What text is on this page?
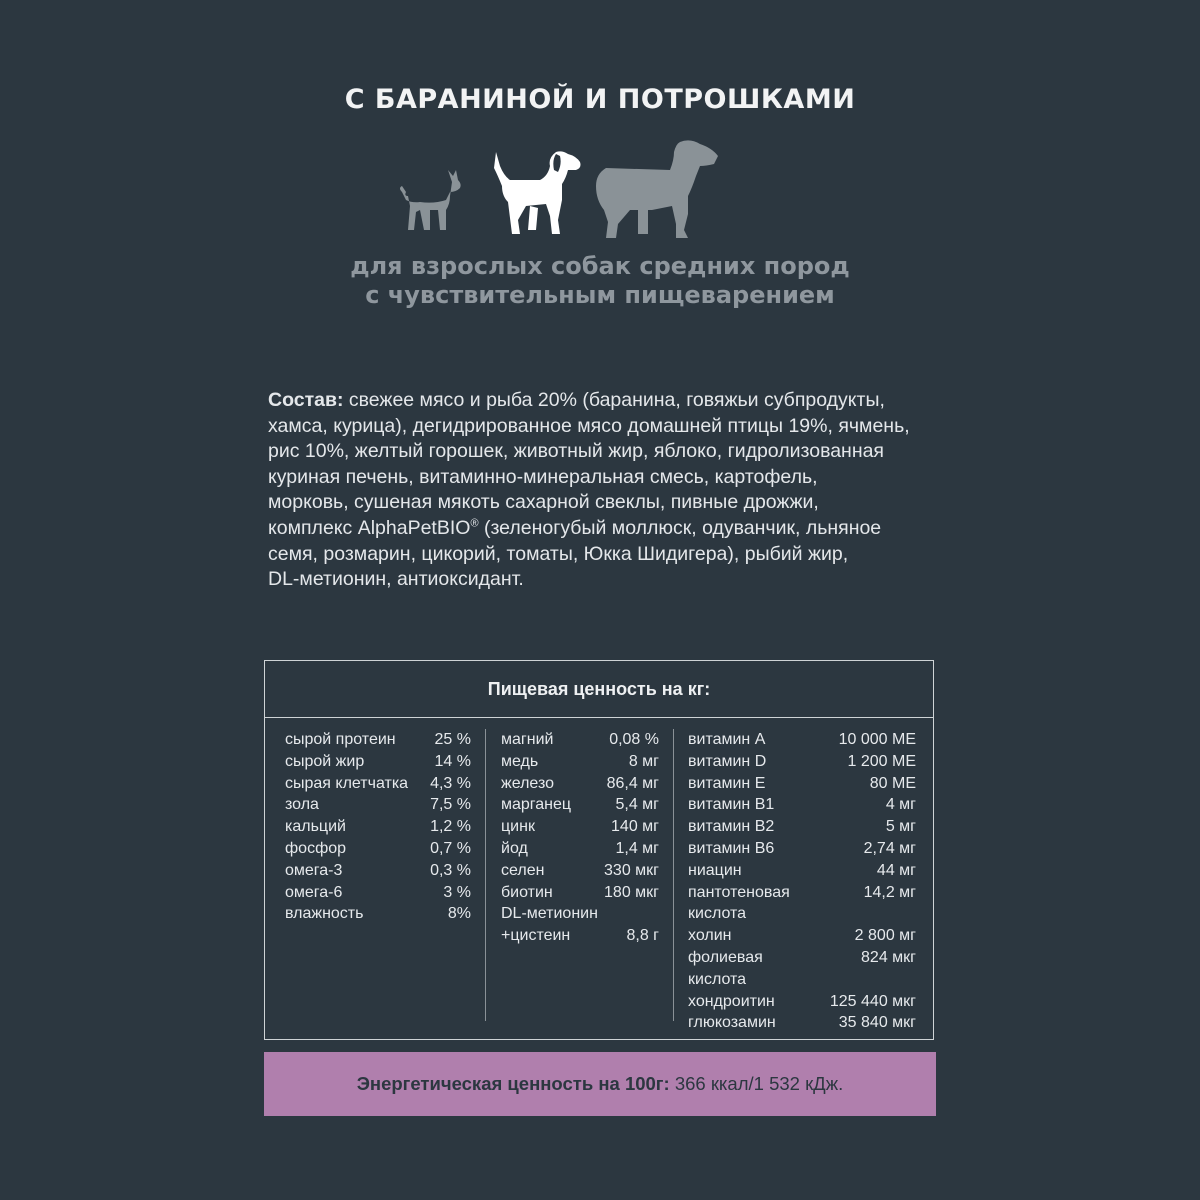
С БАРАНИНОЙ И ПОТРОШКАМИ
для взрослых собак средних пород
с чувствительным пищеварением
Состав: свежее мясо и рыба 20% (баранина, говяжьи субпродукты,
хамса, курица), дегидрированное мясо домашней птицы 19%, ячмень,
рис 10%, желтый горошек, животный жир, яблоко, гидролизованная
куриная печень, витаминно-минеральная смесь, картофель,
морковь, сушеная мякоть сахарной свеклы, пивные дрожжи,
комплекс AlphaPetBIO® (зеленогубый моллюск, одуванчик, льняное
семя, розмарин, цикорий, томаты, Юкка Шидигера), рыбий жир,
DL-метионин, антиоксидант.
Пищевая ценность на кг:
сырой протеин 25 %
сырой жир	14 %
сырая клетчатка 4,3 %
зола	7,5 %
кальций	1,2 %
фосфор	0,7 %
омега-3	0,3 %
омега-6	3 %
влажность	8%
магний	0,08 %
медь	8 мг
железо	86,4 мг
марганец	5,4 мг
цинк	140 мг
йод	1,4 мг
селен	330 мкг
биотин	180 мкг
DL-метионин
+цистеин	8,8 г
витамин А	10 000 МЕ
витамин D	1 200 МЕ
витамин Е	80 МЕ
витамин В1	4 мг
витамин В2	5 мг
витамин В6	2,74 мг
ниацин	44 мг
пантотеновая	14,2 мг
кислота
холин	2 800 мг
фолиевая	824 мкг
кислота
хондроитин	125 440 мкг
глюкозамин	35 840 мкг
Энергетическая ценность на 100г: 366 ккал/1 532 кДж.
